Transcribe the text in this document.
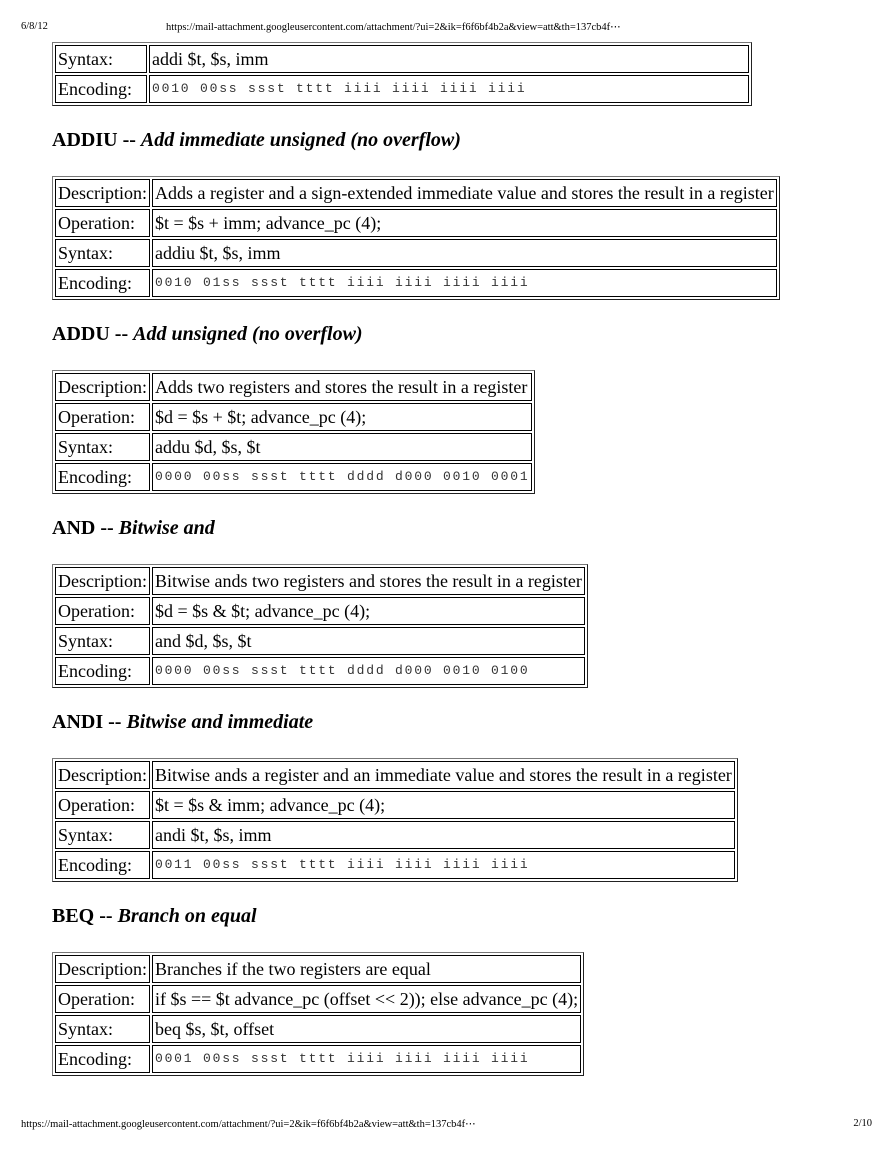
6/8/12	https://mail-attachment.googleusercontent.com/attachment/?ui=2&ik=f6f6bf4b2a&view=att&th=137cb4f⋯
Syntax:	addi $t, $s, imm
Encoding:	0010 00ss ssst tttt iiii iiii iiii iiii
ADDIU -- Add immediate unsigned (no overflow)
Description:	Adds a register and a sign-extended immediate value and stores the result in a register
Operation:	$t = $s + imm; advance_pc (4);
Syntax:	addiu $t, $s, imm
Encoding:	0010 01ss ssst tttt iiii iiii iiii iiii
ADDU -- Add unsigned (no overflow)
Description:	Adds two registers and stores the result in a register
Operation:	$d = $s + $t; advance_pc (4);
Syntax:	addu $d, $s, $t
Encoding:	0000 00ss ssst tttt dddd d000 0010 0001
AND -- Bitwise and
Description:	Bitwise ands two registers and stores the result in a register
Operation:	$d = $s & $t; advance_pc (4);
Syntax:	and $d, $s, $t
Encoding:	0000 00ss ssst tttt dddd d000 0010 0100
ANDI -- Bitwise and immediate
Description:	Bitwise ands a register and an immediate value and stores the result in a register
Operation:	$t = $s & imm; advance_pc (4);
Syntax:	andi $t, $s, imm
Encoding:	0011 00ss ssst tttt iiii iiii iiii iiii
BEQ -- Branch on equal
Description:	Branches if the two registers are equal
Operation:	if $s == $t advance_pc (offset << 2)); else advance_pc (4);
Syntax:	beq $s, $t, offset
Encoding:	0001 00ss ssst tttt iiii iiii iiii iiii
https://mail-attachment.googleusercontent.com/attachment/?ui=2&ik=f6f6bf4b2a&view=att&th=137cb4f⋯	2/10
